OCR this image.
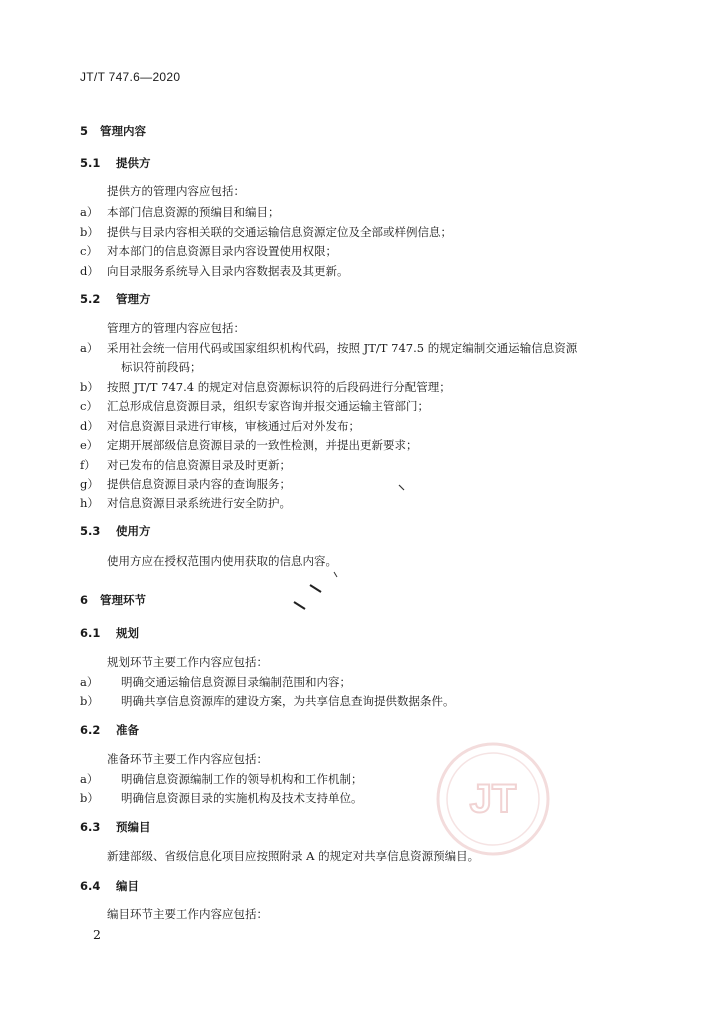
JT/T 747.6—2020
5 管理内容
5.1 提供方
提供方的管理内容应包括：
a） 本部门信息资源的预编目和编目；
b） 提供与目录内容相关联的交通运输信息资源定位及全部或样例信息；
c） 对本部门的信息资源目录内容设置使用权限；
d） 向目录服务系统导入目录内容数据表及其更新。
5.2 管理方
管理方的管理内容应包括：
a） 采用社会统一信用代码或国家组织机构代码，按照 JT/T 747.5 的规定编制交通运输信息资源
标识符前段码；
b） 按照 JT/T 747.4 的规定对信息资源标识符的后段码进行分配管理；
c） 汇总形成信息资源目录，组织专家咨询并报交通运输主管部门；
d） 对信息资源目录进行审核，审核通过后对外发布；
e） 定期开展部级信息资源目录的一致性检测，并提出更新要求；
f） 对已发布的信息资源目录及时更新；
g） 提供信息资源目录内容的查询服务；
h） 对信息资源目录系统进行安全防护。
5.3 使用方
使用方应在授权范围内使用获取的信息内容。
6 管理环节
6.1 规划
规划环节主要工作内容应包括：
a） 明确交通运输信息资源目录编制范围和内容；
b） 明确共享信息资源库的建设方案，为共享信息查询提供数据条件。
6.2 准备
准备环节主要工作内容应包括：
a） 明确信息资源编制工作的领导机构和工作机制；
b） 明确信息资源目录的实施机构及技术支持单位。
6.3 预编目
新建部级、省级信息化项目应按照附录 A 的规定对共享信息资源预编目。
6.4 编目
编目环节主要工作内容应包括：
2
JT
